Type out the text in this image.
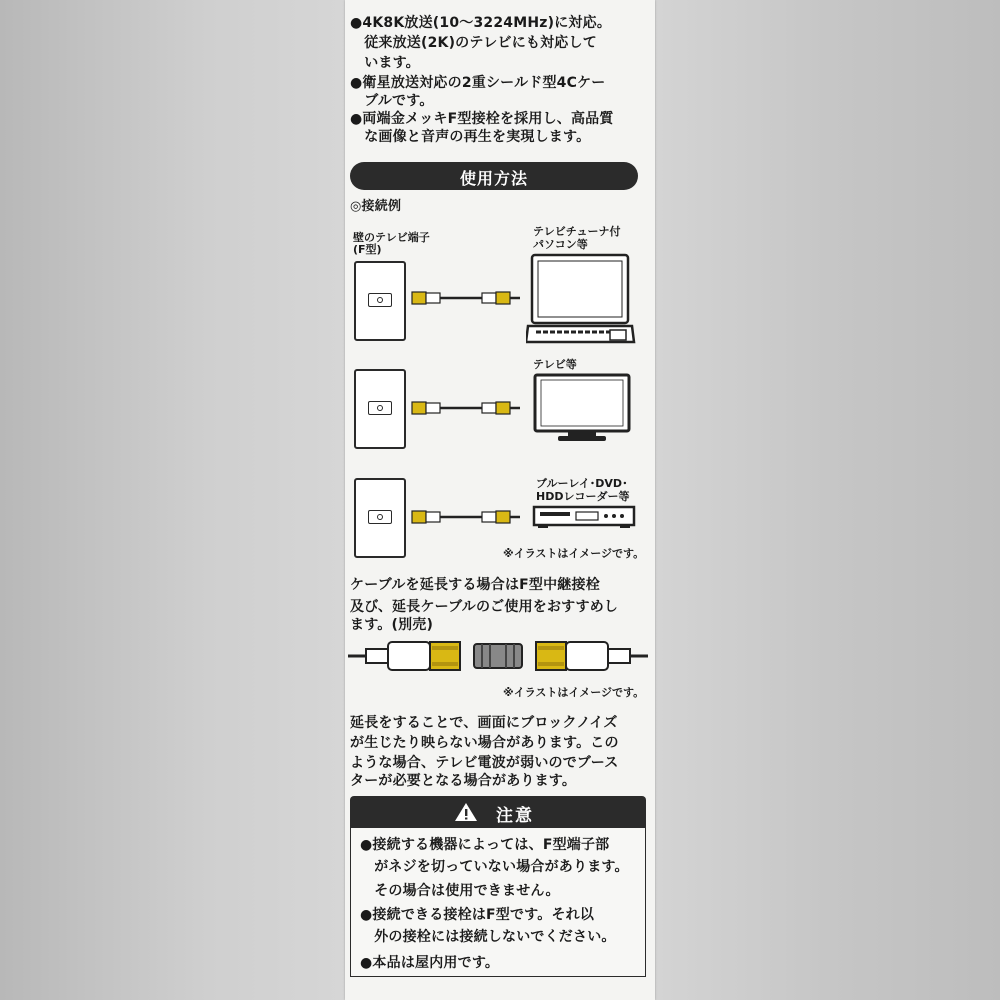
●4K8K放送(10～3224MHz)に対応。
　従来放送(2K)のテレビにも対応して
　います。
●衛星放送対応の2重シールド型4Cケー
　ブルです。
●両端金メッキF型接栓を採用し、高品質
　な画像と音声の再生を実現します。
使用方法
◎接続例
壁のテレビ端子
(F型)
テレビチューナ付
パソコン等
テレビ等
ブルーレイ･DVD･
HDDレコーダー等
※イラストはイメージです。
ケーブルを延長する場合はF型中継接栓
及び、延長ケーブルのご使用をおすすめし
ます。(別売)
※イラストはイメージです。
延長をすることで、画面にブロックノイズ
が生じたり映らない場合があります。この
ような場合、テレビ電波が弱いのでブース
ターが必要となる場合があります。
注意
●接続する機器によっては、F型端子部
　がネジを切っていない場合があります。
　その場合は使用できません。
●接続できる接栓はF型です。それ以
　外の接栓には接続しないでください。
●本品は屋内用です。
